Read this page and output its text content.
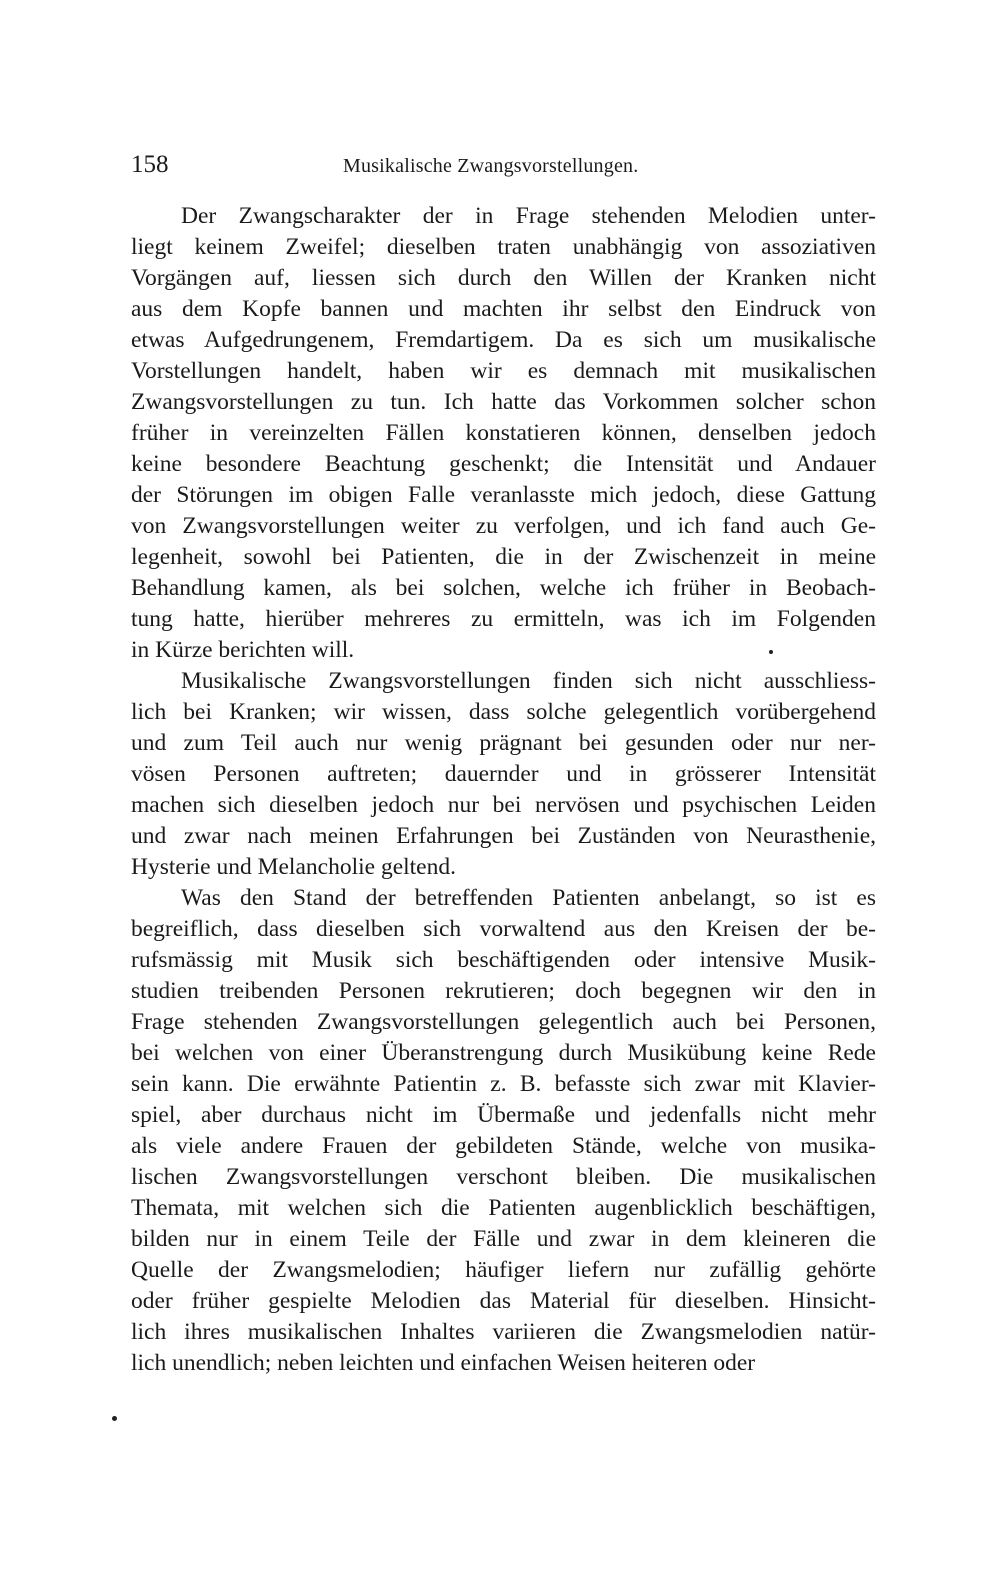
158	Musikalische Zwangsvorstellungen.
Der Zwangscharakter der in Frage stehenden Melodien unter-
liegt keinem Zweifel; dieselben traten unabhängig von assoziativen
Vorgängen auf, liessen sich durch den Willen der Kranken nicht
aus dem Kopfe bannen und machten ihr selbst den Eindruck von
etwas Aufgedrungenem, Fremdartigem. Da es sich um musikalische
Vorstellungen handelt, haben wir es demnach mit musikalischen
Zwangsvorstellungen zu tun. Ich hatte das Vorkommen solcher schon
früher in vereinzelten Fällen konstatieren können, denselben jedoch
keine besondere Beachtung geschenkt; die Intensität und Andauer
der Störungen im obigen Falle veranlasste mich jedoch, diese Gattung
von Zwangsvorstellungen weiter zu verfolgen, und ich fand auch Ge-
legenheit, sowohl bei Patienten, die in der Zwischenzeit in meine
Behandlung kamen, als bei solchen, welche ich früher in Beobach-
tung hatte, hierüber mehreres zu ermitteln, was ich im Folgenden
in Kürze berichten will.
Musikalische Zwangsvorstellungen finden sich nicht ausschliess-
lich bei Kranken; wir wissen, dass solche gelegentlich vorübergehend
und zum Teil auch nur wenig prägnant bei gesunden oder nur ner-
vösen Personen auftreten; dauernder und in grösserer Intensität
machen sich dieselben jedoch nur bei nervösen und psychischen Leiden
und zwar nach meinen Erfahrungen bei Zuständen von Neurasthenie,
Hysterie und Melancholie geltend.
Was den Stand der betreffenden Patienten anbelangt, so ist es
begreiflich, dass dieselben sich vorwaltend aus den Kreisen der be-
rufsmässig mit Musik sich beschäftigenden oder intensive Musik-
studien treibenden Personen rekrutieren; doch begegnen wir den in
Frage stehenden Zwangsvorstellungen gelegentlich auch bei Personen,
bei welchen von einer Überanstrengung durch Musikübung keine Rede
sein kann. Die erwähnte Patientin z. B. befasste sich zwar mit Klavier-
spiel, aber durchaus nicht im Übermaße und jedenfalls nicht mehr
als viele andere Frauen der gebildeten Stände, welche von musika-
lischen Zwangsvorstellungen verschont bleiben. Die musikalischen
Themata, mit welchen sich die Patienten augenblicklich beschäftigen,
bilden nur in einem Teile der Fälle und zwar in dem kleineren die
Quelle der Zwangsmelodien; häufiger liefern nur zufällig gehörte
oder früher gespielte Melodien das Material für dieselben. Hinsicht-
lich ihres musikalischen Inhaltes variieren die Zwangsmelodien natür-
lich unendlich; neben leichten und einfachen Weisen heiteren oder
